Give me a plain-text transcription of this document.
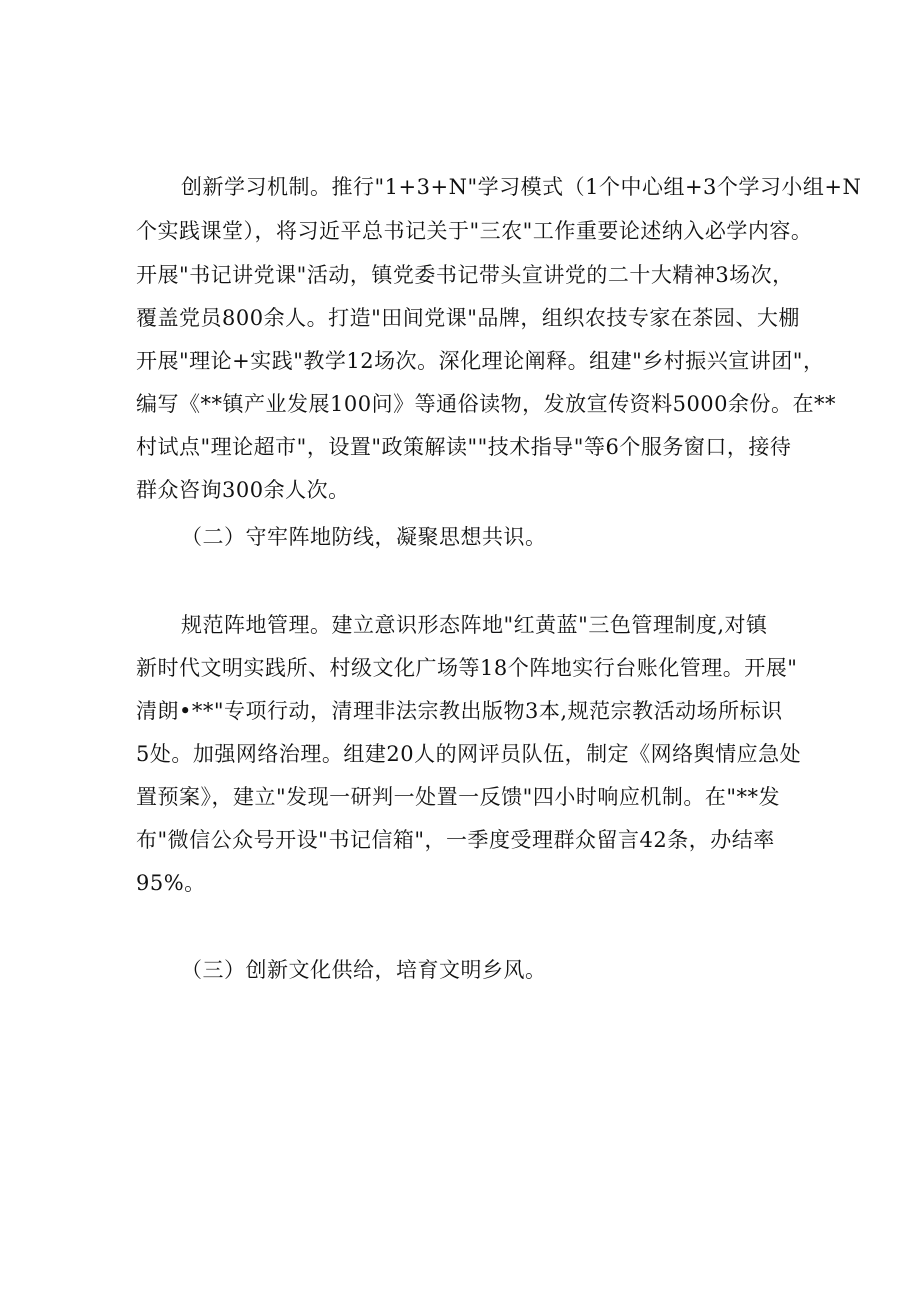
创新学习机制。推行"1+3+N"学习模式（1个中心组+3个学习小组+N

个实践课堂），将习近平总书记关于"三农"工作重要论述纳入必学内容。

开展"书记讲党课"活动，镇党委书记带头宣讲党的二十大精神3场次，

覆盖党员800余人。打造"田间党课"品牌，组织农技专家在茶园、大棚

开展"理论+实践"教学12场次。深化理论阐释。组建"乡村振兴宣讲团"，

编写《**镇产业发展100问》等通俗读物，发放宣传资料5000余份。在**

村试点"理论超市"，设置"政策解读""技术指导"等6个服务窗口，接待

群众咨询300余人次。

（二）守牢阵地防线，凝聚思想共识。

规范阵地管理。建立意识形态阵地"红黄蓝"三色管理制度,对镇

新时代文明实践所、村级文化广场等18个阵地实行台账化管理。开展"

清朗•**"专项行动，清理非法宗教出版物3本,规范宗教活动场所标识

5处。加强网络治理。组建20人的网评员队伍，制定《网络舆情应急处

置预案》，建立"发现一研判一处置一反馈"四小时响应机制。在"**发

布"微信公众号开设"书记信箱"，一季度受理群众留言42条，办结率

95%。

（三）创新文化供给，培育文明乡风。
